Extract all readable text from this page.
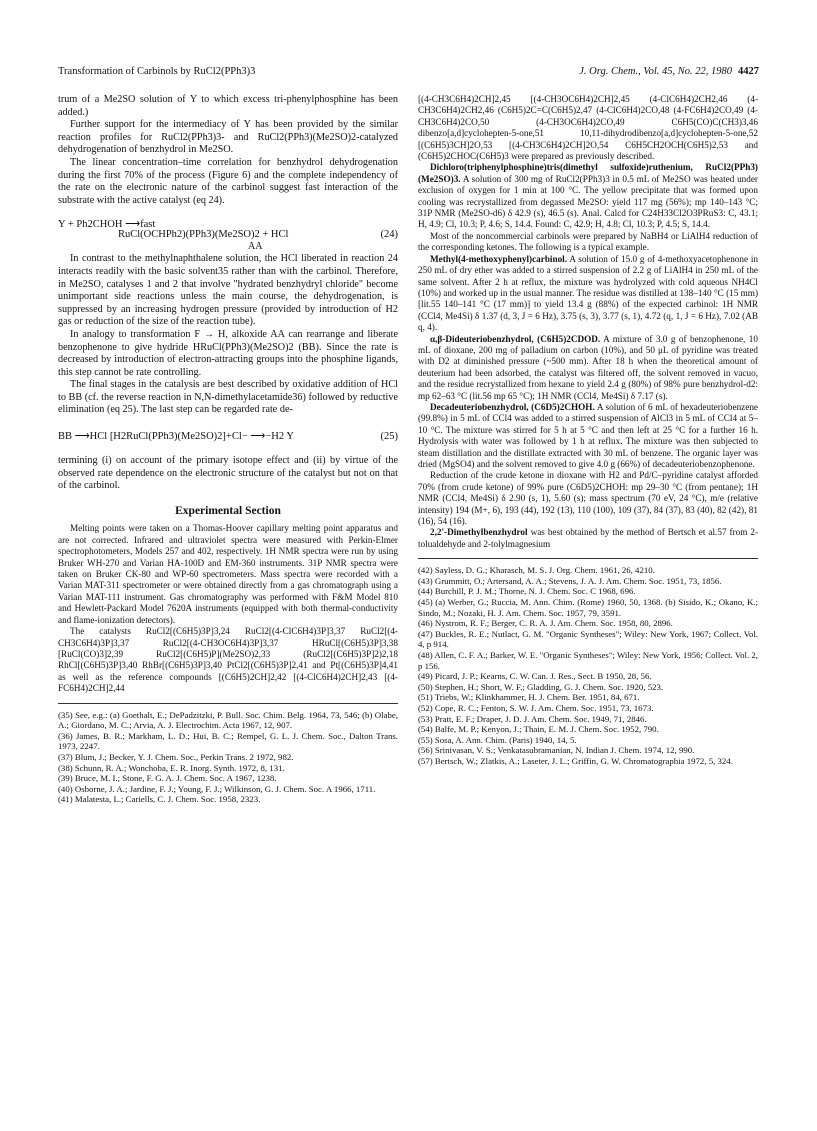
Transformation of Carbinols by RuCl2(PPh3)3	J. Org. Chem., Vol. 45, No. 22, 1980 4427

trum of a Me2SO solution of Y to which excess tri-phenylphosphine has been added.)

Further support for the intermediacy of Y has been provided by the similar reaction profiles for RuCl2(PPh3)3- and RuCl2(PPh3)(Me2SO)2-catalyzed dehydrogenation of benzhydrol in Me2SO.

The linear concentration–time correlation for benzhydrol dehydrogenation during the first 70% of the process (Figure 6) and the complete independency of the rate on the electronic nature of the carbinol suggest fast interaction of the substrate with the active catalyst (eq 24).

Y + Ph2CHOH ⟶fast
RuCl(OCHPh2)(PPh3)(Me2SO)2 + HCl	(24)
AA

In contrast to the methylnaphthalene solution, the HCl liberated in reaction 24 interacts readily with the basic solvent35 rather than with the carbinol. Therefore, in Me2SO, catalyses 1 and 2 that involve "hydrated benzhydryl chloride" become unimportant side reactions unless the main course, the dehydrogenation, is suppressed by an increasing hydrogen pressure (provided by introduction of H2 gas or reduction of the size of the reaction tube).

In analogy to transformation F → H, alkoxide AA can rearrange and liberate benzophenone to give hydride HRuCl(PPh3)(Me2SO)2 (BB). Since the rate is decreased by introduction of electron-attracting groups into the phosphine ligands, this step cannot be rate controlling.

The final stages in the catalysis are best described by oxidative addition of HCl to BB (cf. the reverse reaction in N,N-dimethylacetamide36) followed by reductive elimination (eq 25). The last step can be regarded rate de-

BB ⟶HCl [H2RuCl(PPh3)(Me2SO)2]+Cl− ⟶−H2 Y	(25)

termining (i) on account of the primary isotope effect and (ii) by virtue of the observed rate dependence on the electronic structure of the catalyst but not on that of the carbinol.

Experimental Section

Melting points were taken on a Thomas-Hoover capillary melting point apparatus and are not corrected. Infrared and ultraviolet spectra were measured with Perkin-Elmer spectrophotometers, Models 257 and 402, respectively. 1H NMR spectra were run by using Bruker WH-270 and Varian HA-100D and EM-360 instruments. 31P NMR spectra were taken on Bruker CK-80 and WP-60 spectrometers. Mass spectra were recorded with a Varian MAT-311 spectrometer or were obtained directly from a gas chromatograph using a Varian MAT-111 instrument. Gas chromatography was performed with F&M Model 810 and Hewlett-Packard Model 7620A instruments (equipped with both thermal-conductivity and flame-ionization detectors).

The catalysts RuCl2[(C6H5)3P]3,24 RuCl2[(4-ClC6H4)3P]3,37 RuCl2[(4-CH3C6H4)3P]3,37 RuCl2[(4-CH3OC6H4)3P]3,37 HRuCl[(C6H5)3P]3,38 [RuCl(CO)3]2,39 RuCl2[(C6H5)P](Me2SO)2,33 (RuCl2[(C6H5)3P]2)2,18 RhCl[(C6H5)3P]3,40 RhBr[(C6H5)3P]3,40 PtCl2[(C6H5)3P]2,41 and Pt[(C6H5)3P]4,41 as well as the reference compounds [(C6H5)2CH]2,42 [(4-ClC6H4)2CH]2,43 [(4-FC6H4)2CH]2,44

(35) See, e.g.: (a) Goethalt, E.; DePadzitzki, P. Bull. Soc. Chim. Belg. 1964, 73, 546; (b) Olabe, A.; Giordano, M. C.; Arvia, A. J. Electrochim. Acta 1967, 12, 907.

(36) James, B. R.; Markham, L. D.; Hui, B. C.; Rempel, G. L. J. Chem. Soc., Dalton Trans. 1973, 2247.

(37) Blum, J.; Becker, Y. J. Chem. Soc., Perkin Trans. 2 1972, 982.

(38) Schunn, R. A.; Wonchoba, E. R. Inorg. Synth. 1972, 8, 131.

(39) Bruce, M. I.; Stone, F. G. A. J. Chem. Soc. A 1967, 1238.

(40) Osborne, J. A.; Jardine, F. J.; Young, F. J.; Wilkinson, G. J. Chem. Soc. A 1966, 1711.

(41) Malatesta, L.; Cariells, C. J. Chem. Soc. 1958, 2323.

[(4-CH3C6H4)2CH]2,45 [(4-CH3OC6H4)2CH]2,45 (4-ClC6H4)2CH2,46 (4-CH3C6H4)2CH2,46 (C6H5)2C=C(C6H5)2,47 (4-ClC6H4)2CO,48 (4-FC6H4)2CO,49 (4-CH3C6H4)2CO,50 (4-CH3OC6H4)2CO,49 C6H5(CO)C(CH3)3,46 dibenzo[a,d]cyclohepten-5-one,51 10,11-dihydrodibenzo[a,d]cyclohepten-5-one,52 [(C6H5)3CH]2O,53 [(4-CH3C6H4)2CH]2O,54 C6H5CH2OCH(C6H5)2,53 and (C6H5)2CHOC(C6H5)3 were prepared as previously described.

Dichloro(triphenylphosphine)tris(dimethyl sulfoxide)ruthenium, RuCl2(PPh3)(Me2SO)3. A solution of 300 mg of RuCl2(PPh3)3 in 0.5 mL of Me2SO was heated under exclusion of oxygen for 1 min at 100 °C. The yellow precipitate that was formed upon cooling was recrystallized from degassed Me2SO: yield 117 mg (56%); mp 140–143 °C; 31P NMR (Me2SO-d6) δ 42.9 (s), 46.5 (s). Anal. Calcd for C24H33Cl2O3PRuS3: C, 43.1; H, 4.9; Cl, 10.3; P, 4.6; S, 14.4. Found: C, 42.9; H, 4.8; Cl, 10.3; P, 4.5; S, 14.4.

Most of the noncommercial carbinols were prepared by NaBH4 or LiAlH4 reduction of the corresponding ketones. The following is a typical example.

Methyl(4-methoxyphenyl)carbinol. A solution of 15.0 g of 4-methoxyacetophenone in 250 mL of dry ether was added to a stirred suspension of 2.2 g of LiAlH4 in 250 mL of the same solvent. After 2 h at reflux, the mixture was hydrolyzed with cold aqueous NH4Cl (10%) and worked up in the usual manner. The residue was distilled at 138–140 °C (15 mm) [lit.55 140–141 °C (17 mm)] to yield 13.4 g (88%) of the expected carbinol: 1H NMR (CCl4, Me4Si) δ 1.37 (d, 3, J = 6 Hz), 3.75 (s, 3), 3.77 (s, 1), 4.72 (q, 1, J = 6 Hz), 7.02 (AB q, 4).

α,β-Dideuteriobenzhydrol, (C6H5)2CDOD. A mixture of 3.0 g of benzophenone, 10 mL of dioxane, 200 mg of palladium on carbon (10%), and 50 μL of pyridine was treated with D2 at diminished pressure (~500 mm). After 18 h when the theoretical amount of deuterium had been adsorbed, the catalyst was filtered off, the solvent removed in vacuo, and the residue recrystallized from hexane to yield 2.4 g (80%) of 98% pure benzhydrol-d2: mp 62–63 °C (lit.56 mp 65 °C); 1H NMR (CCl4, Me4Si) δ 7.17 (s).

Decadeuteriobenzhydrol, (C6D5)2CHOH. A solution of 6 mL of hexadeuteriobenzene (99.8%) in 5 mL of CCl4 was added to a stirred suspension of AlCl3 in 5 mL of CCl4 at 5–10 °C. The mixture was stirred for 5 h at 5 °C and then left at 25 °C for a further 16 h. Hydrolysis with water was followed by 1 h at reflux. The mixture was then subjected to steam distillation and the distillate extracted with 30 mL of benzene. The organic layer was dried (MgSO4) and the solvent removed to give 4.0 g (66%) of decadeuteriobenzophenone.

Reduction of the crude ketone in dioxane with H2 and Pd/C–pyridine catalyst afforded 70% (from crude ketone) of 99% pure (C6D5)2CHOH: mp 29–30 °C (from pentane); 1H NMR (CCl4, Me4Si) δ 2.90 (s, 1), 5.60 (s); mass spectrum (70 eV, 24 °C), m/e (relative intensity) 194 (M+, 6), 193 (44), 192 (13), 110 (100), 109 (37), 84 (37), 83 (40), 82 (42), 81 (16), 54 (16).

2,2'-Dimethylbenzhydrol was best obtained by the method of Bertsch et al.57 from 2-tolualdehyde and 2-tolylmagnesium

(42) Sayless, D. G.; Kharasch, M. S. J. Org. Chem. 1961, 26, 4210.

(43) Grummitt, O.; Artersand, A. A.; Stevens, J. A. J. Am. Chem. Soc. 1951, 73, 1856.

(44) Burchill, P. J. M.; Thorne, N. J. Chem. Soc. C 1968, 696.

(45) (a) Werber, G.; Ruccia, M. Ann. Chim. (Rome) 1960, 50, 1368. (b) Sisido, K.; Okano, K.; Sindo, M.; Nozaki, H. J. Am. Chem. Soc. 1957, 79, 3591.

(46) Nystrom, R. F.; Berger, C. R. A. J. Am. Chem. Soc. 1958, 80, 2896.

(47) Buckles, R. E.; Nutlact, G. M. "Organic Syntheses"; Wiley: New York, 1967; Collect. Vol. 4, p 914.

(48) Allen, C. F. A.; Barker, W. E. "Organic Syntheses"; Wiley: New York, 1956; Collect. Vol. 2, p 156.

(49) Picard, J. P.; Kearns, C. W. Can. J. Res., Sect. B 1950, 28, 56.

(50) Stephen, H.; Short, W. F.; Gladding, G. J. Chem. Soc. 1920, 523.

(51) Triebs, W.; Klinkhammer, H. J. Chem. Ber. 1951, 84, 671.

(52) Cope, R. C.; Fenton, S. W. J. Am. Chem. Soc. 1951, 73, 1673.

(53) Pratt, E. F.; Draper, J. D. J. Am. Chem. Soc. 1949, 71, 2846.

(54) Balfe, M. P.; Kenyon, J.; Thain, E. M. J. Chem. Soc. 1952, 790.

(55) Sosa, A. Ann. Chim. (Paris) 1940, 14, 5.

(56) Srinivasan, V. S.; Venkatasubramanian, N. Indian J. Chem. 1974, 12, 990.

(57) Bertsch, W.; Zlatkis, A.; Laseter, J. L.; Griffin, G. W. Chromatographia 1972, 5, 324.
